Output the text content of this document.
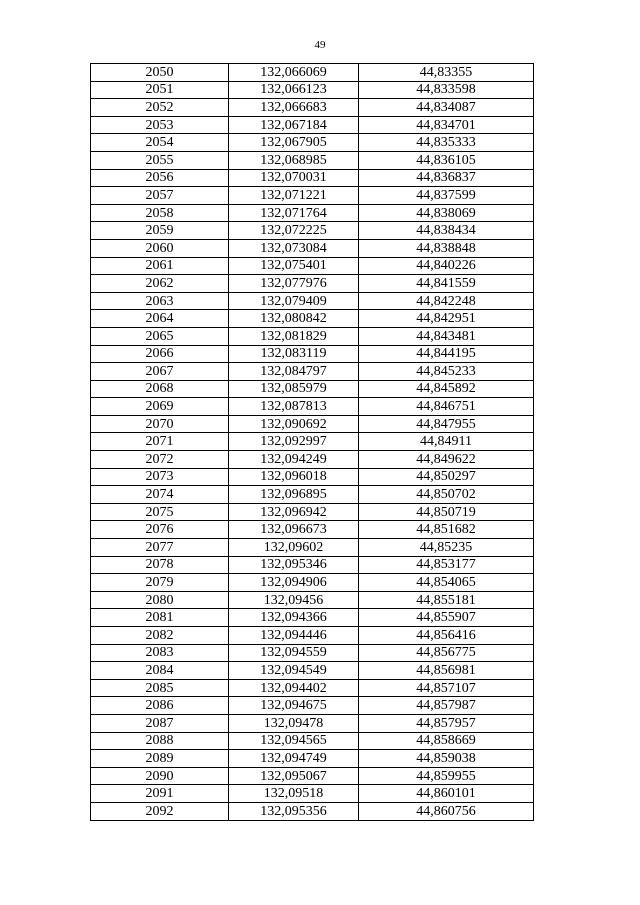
49
2050	132,066069	44,83355
2051	132,066123	44,833598
2052	132,066683	44,834087
2053	132,067184	44,834701
2054	132,067905	44,835333
2055	132,068985	44,836105
2056	132,070031	44,836837
2057	132,071221	44,837599
2058	132,071764	44,838069
2059	132,072225	44,838434
2060	132,073084	44,838848
2061	132,075401	44,840226
2062	132,077976	44,841559
2063	132,079409	44,842248
2064	132,080842	44,842951
2065	132,081829	44,843481
2066	132,083119	44,844195
2067	132,084797	44,845233
2068	132,085979	44,845892
2069	132,087813	44,846751
2070	132,090692	44,847955
2071	132,092997	44,84911
2072	132,094249	44,849622
2073	132,096018	44,850297
2074	132,096895	44,850702
2075	132,096942	44,850719
2076	132,096673	44,851682
2077	132,09602	44,85235
2078	132,095346	44,853177
2079	132,094906	44,854065
2080	132,09456	44,855181
2081	132,094366	44,855907
2082	132,094446	44,856416
2083	132,094559	44,856775
2084	132,094549	44,856981
2085	132,094402	44,857107
2086	132,094675	44,857987
2087	132,09478	44,857957
2088	132,094565	44,858669
2089	132,094749	44,859038
2090	132,095067	44,859955
2091	132,09518	44,860101
2092	132,095356	44,860756
